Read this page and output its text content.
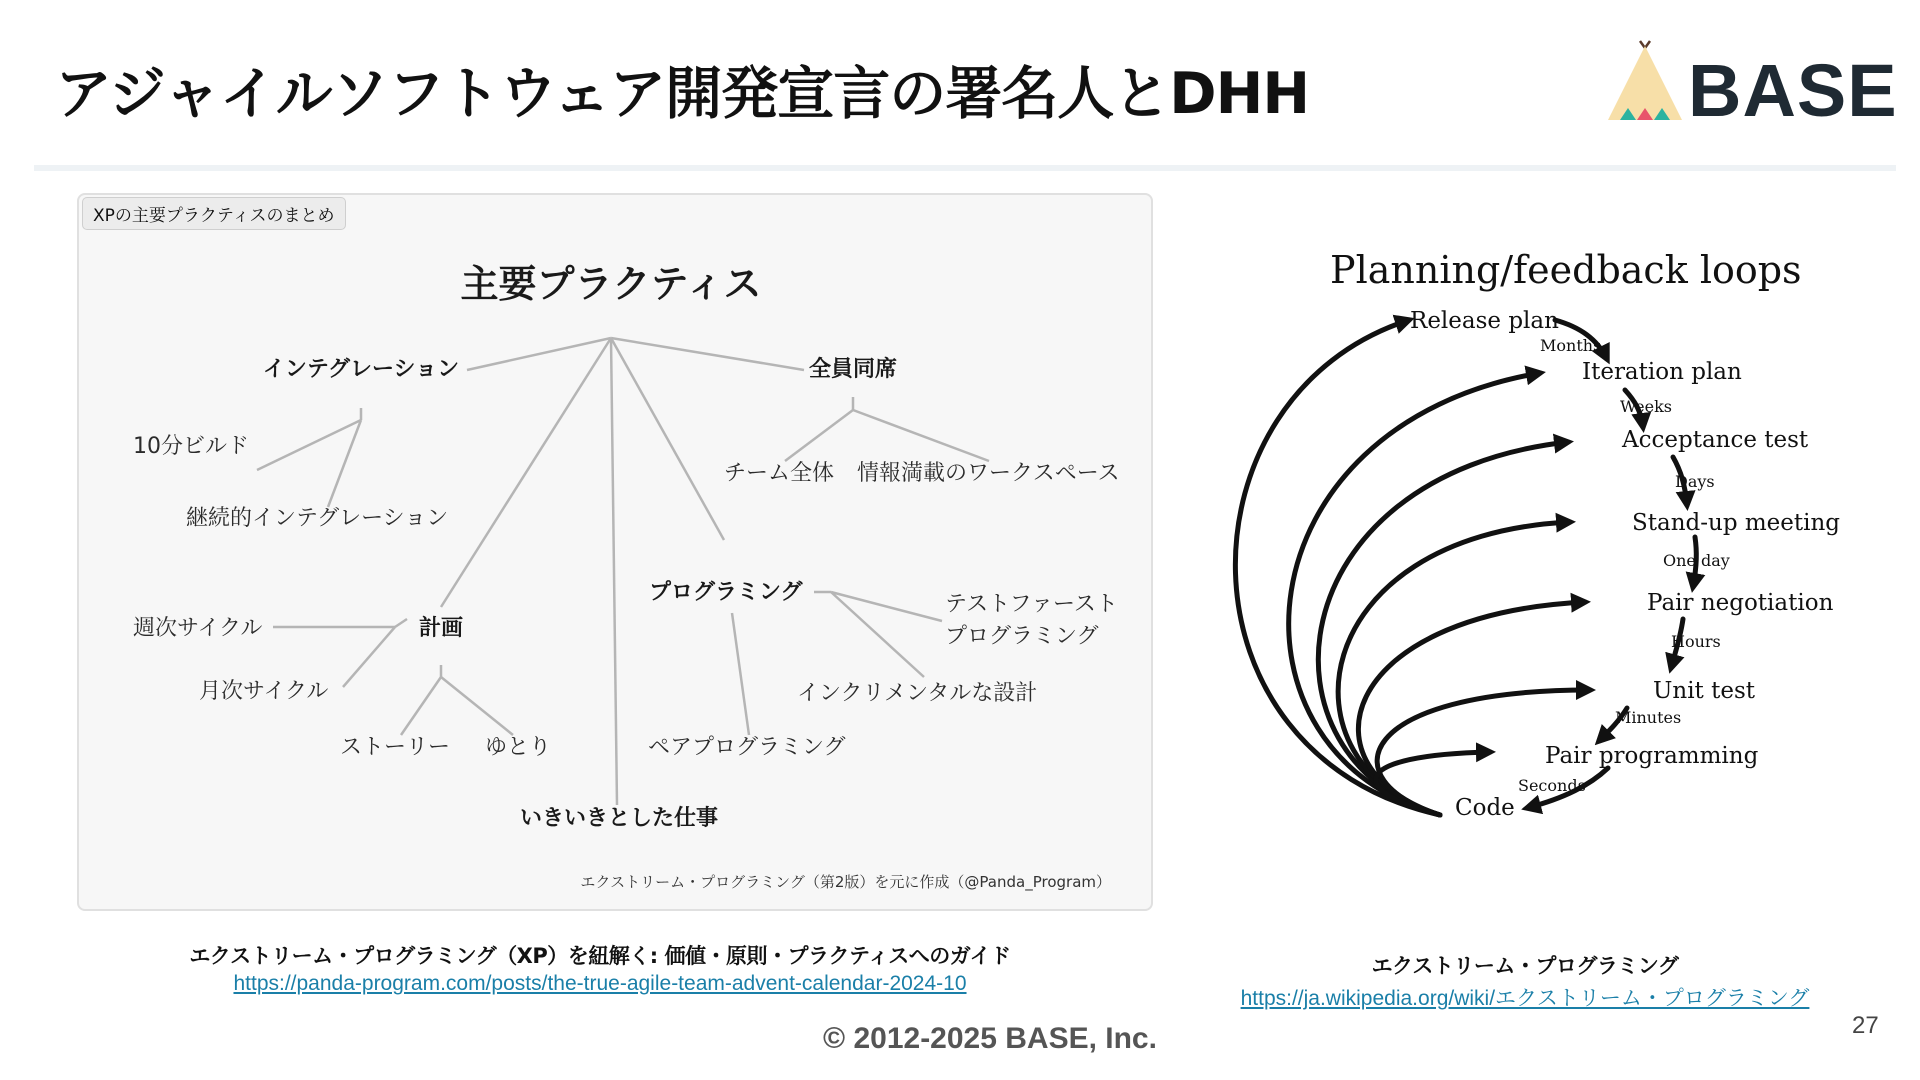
アジャイルソフトウェア開発宣言の署名人とDHH	BASE
XPの主要プラクティスのまとめ
主要プラクティス
インテグレーション
10分ビルド
継続的インテグレーション
全員同席
チーム全体 情報満載のワークスペース
計画
週次サイクル
月次サイクル
ストーリー ゆとり
プログラミング	テストファースト
プログラミング
インクリメンタルな設計
ペアプログラミング
いきいきとした仕事
エクストリーム・プログラミング（第2版）を元に作成（@Panda_Program）
エクストリーム・プログラミング（XP）を紐解く: 価値・原則・プラクティスへのガイド
https://panda-program.com/posts/the-true-agile-team-advent-calendar-2024-10
Planning/feedback loops
Release plan
Months
Iteration plan
Weeks
Acceptance test
Days
Stand-up meeting
One day
Pair negotiation
Hours
Unit test
Minutes
Pair programming
Seconds
Code
エクストリーム・プログラミング
https://ja.wikipedia.org/wiki/エクストリーム・プログラミング
© 2012-2025 BASE, Inc.	27
